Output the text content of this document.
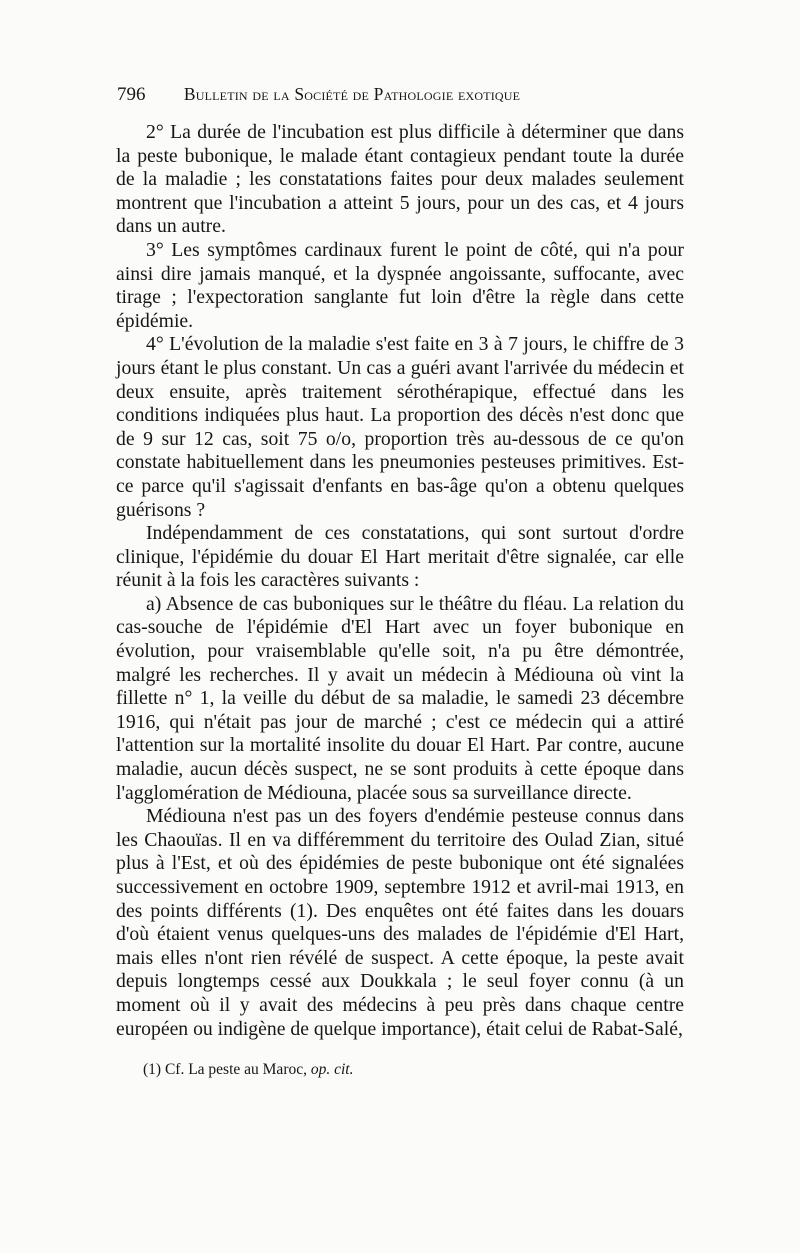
796 Bulletin de la Société de Pathologie exotique

2° La durée de l'incubation est plus difficile à déterminer que dans la peste bubonique, le malade étant contagieux pendant toute la durée de la maladie ; les constatations faites pour deux malades seulement montrent que l'incubation a atteint 5 jours, pour un des cas, et 4 jours dans un autre.

3° Les symptômes cardinaux furent le point de côté, qui n'a pour ainsi dire jamais manqué, et la dyspnée angoissante, suffocante, avec tirage ; l'expectoration sanglante fut loin d'être la règle dans cette épidémie.

4° L'évolution de la maladie s'est faite en 3 à 7 jours, le chiffre de 3 jours étant le plus constant. Un cas a guéri avant l'arrivée du médecin et deux ensuite, après traitement sérothérapique, effectué dans les conditions indiquées plus haut. La proportion des décès n'est donc que de 9 sur 12 cas, soit 75 o/o, proportion très au-dessous de ce qu'on constate habituellement dans les pneumonies pesteuses primitives. Est-ce parce qu'il s'agissait d'enfants en bas-âge qu'on a obtenu quelques guérisons ?

Indépendamment de ces constatations, qui sont surtout d'ordre clinique, l'épidémie du douar El Hart meritait d'être signalée, car elle réunit à la fois les caractères suivants :

a) Absence de cas buboniques sur le théâtre du fléau. La relation du cas-souche de l'épidémie d'El Hart avec un foyer bubonique en évolution, pour vraisemblable qu'elle soit, n'a pu être démontrée, malgré les recherches. Il y avait un médecin à Médiouna où vint la fillette n° 1, la veille du début de sa maladie, le samedi 23 décembre 1916, qui n'était pas jour de marché ; c'est ce médecin qui a attiré l'attention sur la mortalité insolite du douar El Hart. Par contre, aucune maladie, aucun décès suspect, ne se sont produits à cette époque dans l'agglomération de Médiouna, placée sous sa surveillance directe.

Médiouna n'est pas un des foyers d'endémie pesteuse connus dans les Chaouïas. Il en va différemment du territoire des Oulad Zian, situé plus à l'Est, et où des épidémies de peste bubonique ont été signalées successivement en octobre 1909, septembre 1912 et avril-mai 1913, en des points différents (1). Des enquêtes ont été faites dans les douars d'où étaient venus quelques-uns des malades de l'épidémie d'El Hart, mais elles n'ont rien révélé de suspect. A cette époque, la peste avait depuis longtemps cessé aux Doukkala ; le seul foyer connu (à un moment où il y avait des médecins à peu près dans chaque centre européen ou indigène de quelque importance), était celui de Rabat-Salé,

(1) Cf. La peste au Maroc, op. cit.
